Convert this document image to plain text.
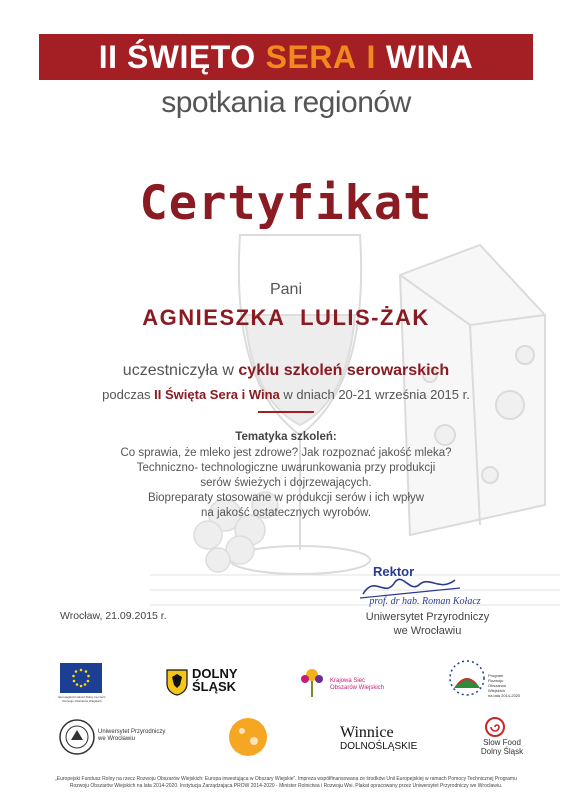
II ŚWIĘTO SERA I WINA
spotkania regionów
Certyfikat
Pani
AGNIESZKA LULIS-ŻAK
uczestniczyła w cyklu szkoleń serowarskich
podczas II Święta Sera i Wina w dniach 20-21 września 2015 r.
Tematyka szkoleń:
Co sprawia, że mleko jest zdrowe? Jak rozpoznać jakość mleka?
Techniczno- technologiczne uwarunkowania przy produkcji
serów świeżych i dojrzewających.
Biopreparaty stosowane w produkcji serów i ich wpływ
na jakość ostatecznych wyrobów.
Rektor
prof. dr hab. Roman Kołacz
Uniwersytet Przyrodniczy
we Wrocławiu
Wrocław, 21.09.2015 r.
Europejski Fundusz Rolny na rzecz Rozwoju Obszarów Wiejskich
DOLNY
ŚLĄSK	Krajowa Sieć
Obszarów Wiejskich
Program
Rozwoju
Obszarów
Wiejskich
na lata 2014-2020
Uniwersytet Przyrodniczy
we Wrocławiu	Winnice
DOLNOŚLĄSKIE	Slow Food
Dolny Śląsk
„Europejski Fundusz Rolny na rzecz Rozwoju Obszarów Wiejskich: Europa inwestująca w Obszary Wiejskie”. Impreza współfinansowana ze środków Unii Europejskiej w ramach Pomocy Technicznej Programu
Rozwoju Obszarów Wiejskich na lata 2014-2020. Instytucja Zarządzająca PROW 2014-2020 - Minister Rolnictwa i Rozwoju Wsi. Plakat opracowany przez Uniwersytet Przyrodniczy we Wrocławiu.
